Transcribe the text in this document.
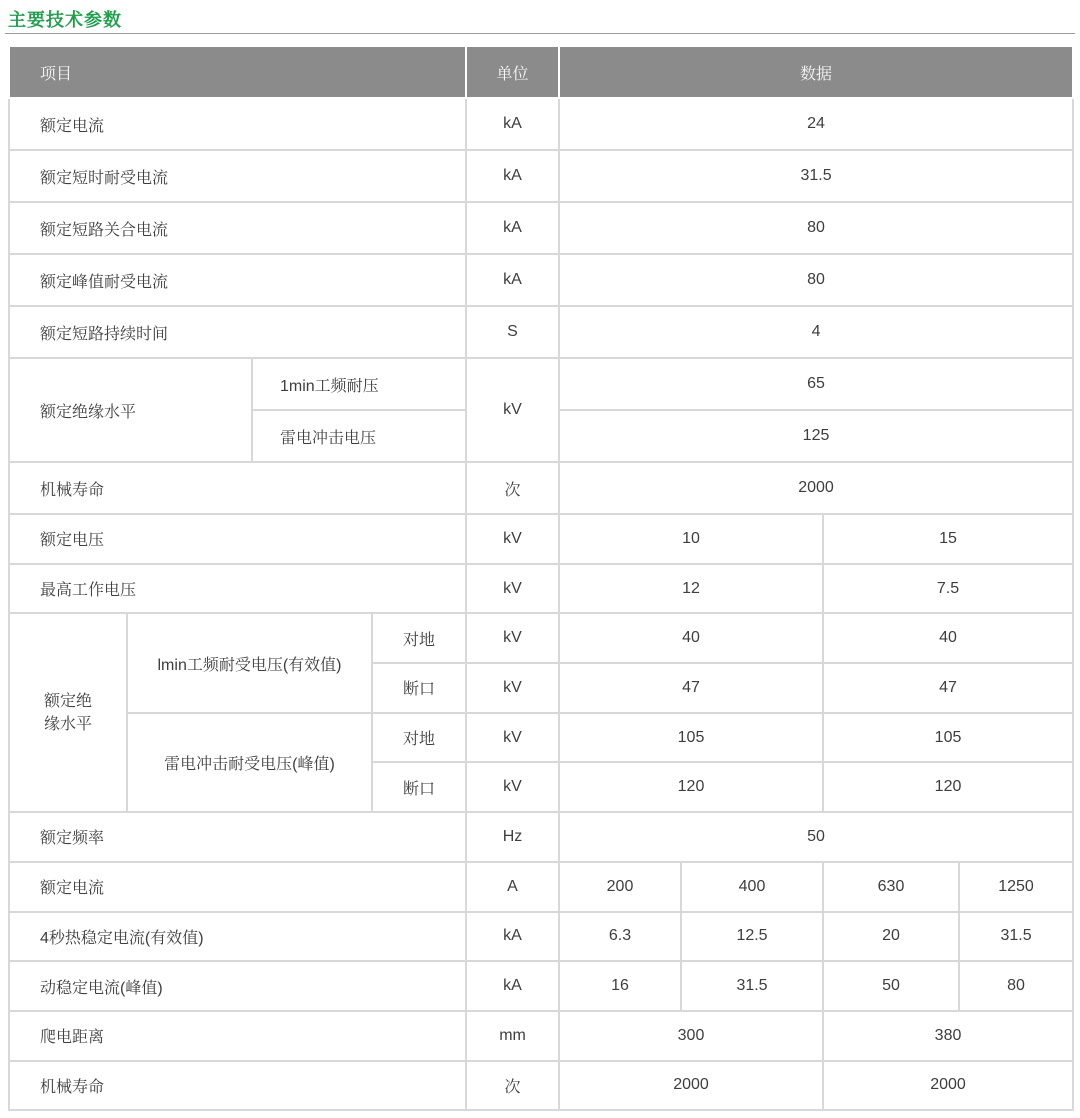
主要技术参数
项目				单位	数据			
额定电流				kA	24			
额定短时耐受电流				kA	31.5			
额定短路关合电流				kA	80			
额定峰值耐受电流				kA	80			
额定短路持续时间				S	4			
额定绝缘水平		1min工频耐压		kV	65			
		雷电冲击电压			125			
机械寿命				次	2000			
额定电压				kV	10		15	
最高工作电压				kV	12		7.5	
额定绝缘水平	lmin工频耐受电压(有效值)		对地	kV	40		40	
			断口	kV	47		47	
	雷电冲击耐受电压(峰值)		对地	kV	105		105	
			断口	kV	120		120	
额定频率				Hz	50			
额定电流				A	200	400	630	1250
4秒热稳定电流(有效值)				kA	6.3	12.5	20	31.5
动稳定电流(峰值)				kA	16	31.5	50	80
爬电距离				mm	300		380	
机械寿命				次	2000		2000	
